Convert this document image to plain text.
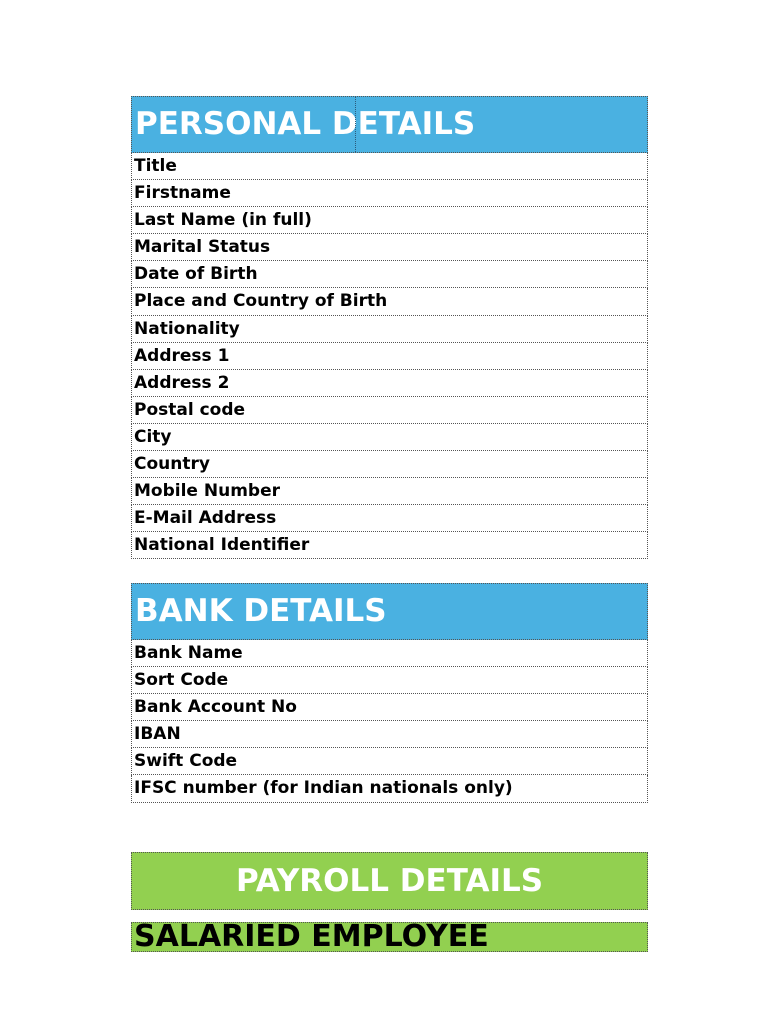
PERSONAL DETAILS
Title
Firstname
Last Name (in full)
Marital Status
Date of Birth
Place and Country of Birth
Nationality
Address 1
Address 2
Postal code
City
Country
Mobile Number
E-Mail Address
National Identifier
BANK DETAILS
Bank Name
Sort Code
Bank Account No
IBAN
Swift Code
IFSC number (for Indian nationals only)
PAYROLL DETAILS
SALARIED EMPLOYEE
